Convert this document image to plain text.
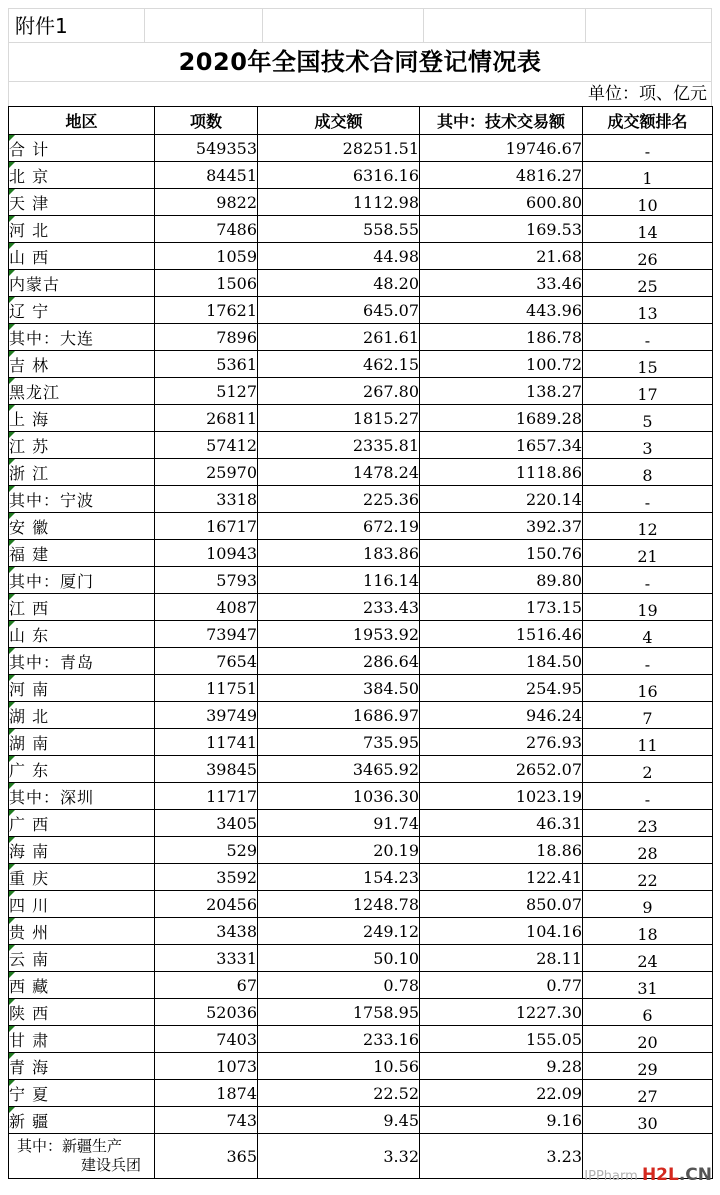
附件1
2020年全国技术合同登记情况表
单位：项、亿元
地区	项数	成交额	其中：技术交易额	成交额排名

合 计	549353	28251.51	19746.67	-

北 京	84451	6316.16	4816.27	1

天 津	9822	1112.98	600.80	10

河 北	7486	558.55	169.53	14

山 西	1059	44.98	21.68	26

内蒙古	1506	48.20	33.46	25

辽 宁	17621	645.07	443.96	13

其中：大连	7896	261.61	186.78	-

吉 林	5361	462.15	100.72	15

黑龙江	5127	267.80	138.27	17

上 海	26811	1815.27	1689.28	5

江 苏	57412	2335.81	1657.34	3

浙 江	25970	1478.24	1118.86	8

其中：宁波	3318	225.36	220.14	-

安 徽	16717	672.19	392.37	12

福 建	10943	183.86	150.76	21

其中：厦门	5793	116.14	89.80	-

江 西	4087	233.43	173.15	19

山 东	73947	1953.92	1516.46	4

其中：青岛	7654	286.64	184.50	-

河 南	11751	384.50	254.95	16

湖 北	39749	1686.97	946.24	7

湖 南	11741	735.95	276.93	11

广 东	39845	3465.92	2652.07	2

其中：深圳	11717	1036.30	1023.19	-

广 西	3405	91.74	46.31	23

海 南	529	20.19	18.86	28

重 庆	3592	154.23	122.41	22

四 川	20456	1248.78	850.07	9

贵 州	3438	249.12	104.16	18

云 南	3331	50.10	28.11	24

西 藏	67	0.78	0.77	31

陕 西	52036	1758.95	1227.30	6

甘 肃	7403	233.16	155.05	20

青 海	1073	10.56	9.28	29

宁 夏	1874	22.52	22.09	27

新 疆	743	9.45	9.16	30

其中：新疆生产
建设兵团	365	3.32	3.23	
IPPharm H2L.CN
